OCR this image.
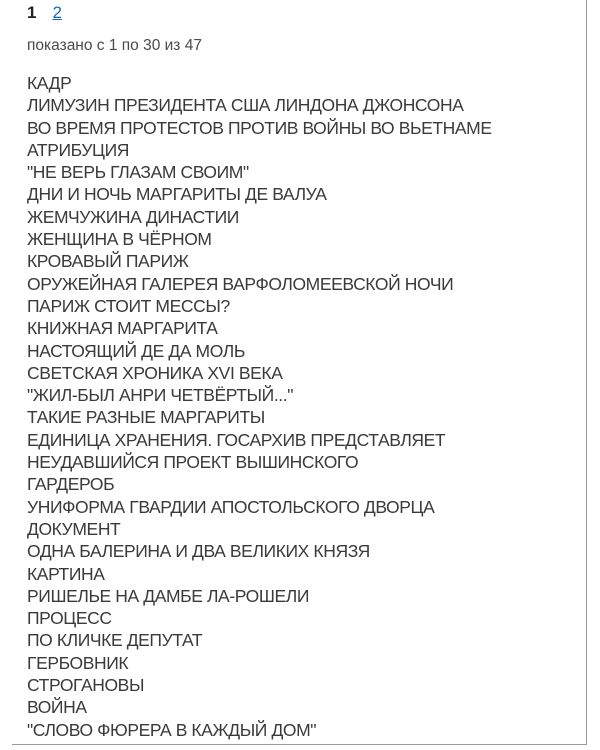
1 2
показано с 1 по 30 из 47
КАДР
ЛИМУЗИН ПРЕЗИДЕНТА США ЛИНДОНА ДЖОНСОНА
ВО ВРЕМЯ ПРОТЕСТОВ ПРОТИВ ВОЙНЫ ВО ВЬЕТНАМЕ
АТРИБУЦИЯ
"НЕ ВЕРЬ ГЛАЗАМ СВОИМ"
ДНИ И НОЧЬ МАРГАРИТЫ ДЕ ВАЛУА
ЖЕМЧУЖИНА ДИНАСТИИ
ЖЕНЩИНА В ЧЁРНОМ
КРОВАВЫЙ ПАРИЖ
ОРУЖЕЙНАЯ ГАЛЕРЕЯ ВАРФОЛОМЕЕВСКОЙ НОЧИ
ПАРИЖ СТОИТ МЕССЫ?
КНИЖНАЯ МАРГАРИТА
НАСТОЯЩИЙ ДЕ ДА МОЛЬ
СВЕТСКАЯ ХРОНИКА XVI ВЕКА
"ЖИЛ-БЫЛ АНРИ ЧЕТВЁРТЫЙ..."
ТАКИЕ РАЗНЫЕ МАРГАРИТЫ
ЕДИНИЦА ХРАНЕНИЯ. ГОСАРХИВ ПРЕДСТАВЛЯЕТ
НЕУДАВШИЙСЯ ПРОЕКТ ВЫШИНСКОГО
ГАРДЕРОБ
УНИФОРМА ГВАРДИИ АПОСТОЛЬСКОГО ДВОРЦА
ДОКУМЕНТ
ОДНА БАЛЕРИНА И ДВА ВЕЛИКИХ КНЯЗЯ
КАРТИНА
РИШЕЛЬЕ НА ДАМБЕ ЛА-РОШЕЛИ
ПРОЦЕСС
ПО КЛИЧКЕ ДЕПУТАТ
ГЕРБОВНИК
СТРОГАНОВЫ
ВОЙНА
"СЛОВО ФЮРЕРА В КАЖДЫЙ ДОМ"
